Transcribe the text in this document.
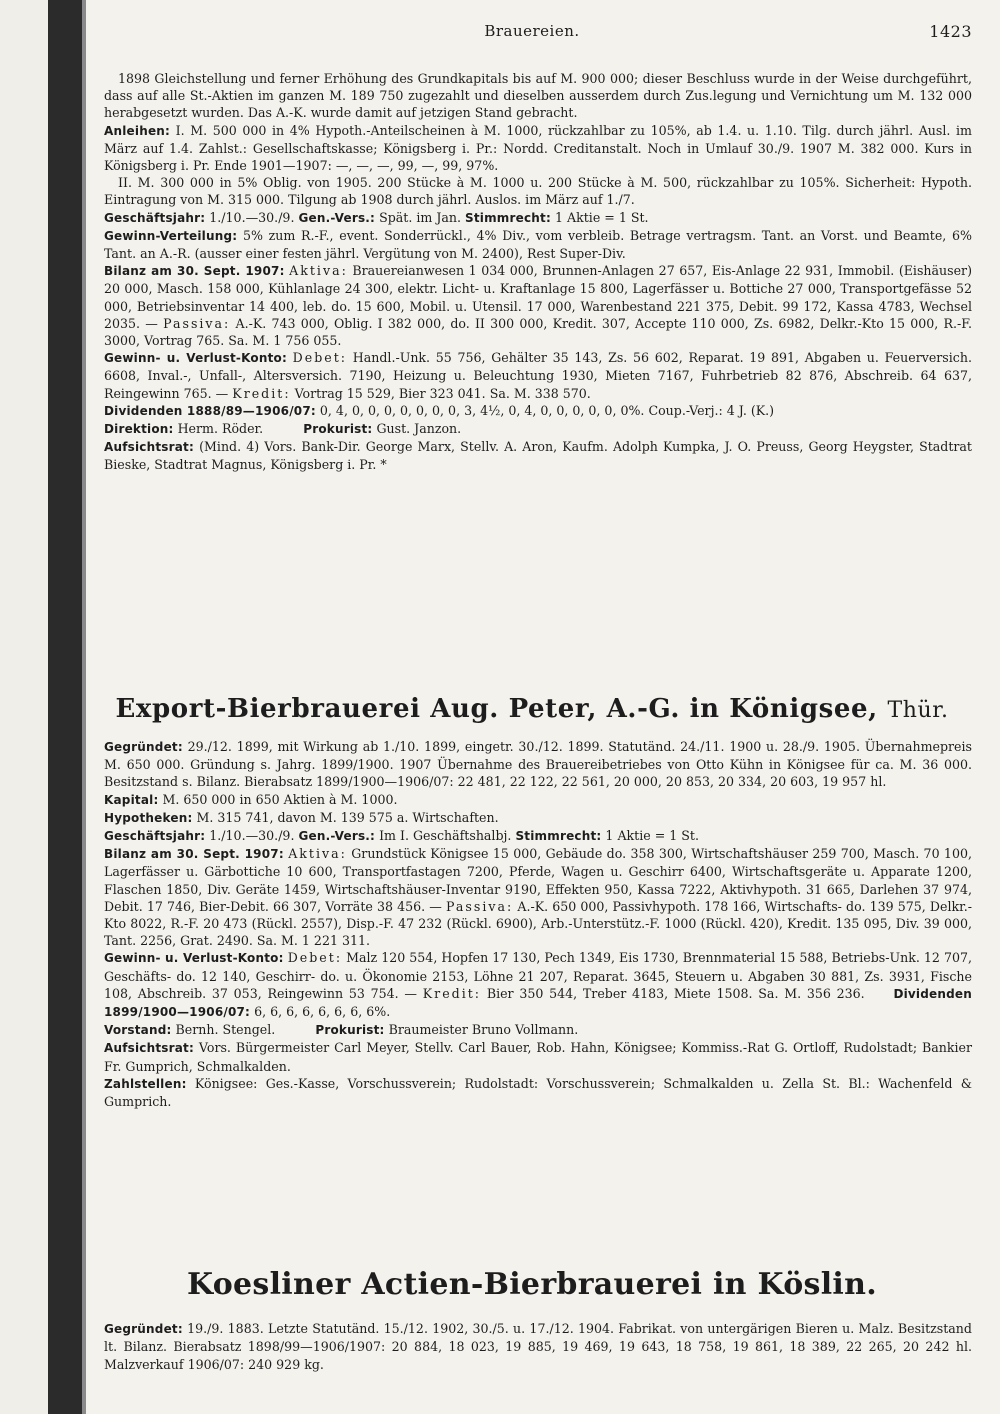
Brauereien.	1423

1898 Gleichstellung und ferner Erhöhung des Grundkapitals bis auf M. 900 000; dieser Beschluss wurde in der Weise durchgeführt, dass auf alle St.-Aktien im ganzen M. 189 750 zugezahlt und dieselben ausserdem durch Zus.legung und Vernichtung um M. 132 000 herabgesetzt wurden. Das A.-K. wurde damit auf jetzigen Stand gebracht.

Anleihen: I. M. 500 000 in 4% Hypoth.-Anteilscheinen à M. 1000, rückzahlbar zu 105%, ab 1.4. u. 1.10. Tilg. durch jährl. Ausl. im März auf 1.4. Zahlst.: Gesellschaftskasse; Königsberg i. Pr.: Nordd. Creditanstalt. Noch in Umlauf 30./9. 1907 M. 382 000. Kurs in Königsberg i. Pr. Ende 1901—1907: —, —, —, 99, —, 99, 97%.

II. M. 300 000 in 5% Oblig. von 1905. 200 Stücke à M. 1000 u. 200 Stücke à M. 500, rückzahlbar zu 105%. Sicherheit: Hypoth. Eintragung von M. 315 000. Tilgung ab 1908 durch jährl. Auslos. im März auf 1./7.

Geschäftsjahr: 1./10.—30./9. Gen.-Vers.: Spät. im Jan. Stimmrecht: 1 Aktie = 1 St.

Gewinn-Verteilung: 5% zum R.-F., event. Sonderrückl., 4% Div., vom verbleib. Betrage vertragsm. Tant. an Vorst. und Beamte, 6% Tant. an A.-R. (ausser einer festen jährl. Vergütung von M. 2400), Rest Super-Div.

Bilanz am 30. Sept. 1907: Aktiva: Brauereianwesen 1 034 000, Brunnen-Anlagen 27 657, Eis-Anlage 22 931, Immobil. (Eishäuser) 20 000, Masch. 158 000, Kühlanlage 24 300, elektr. Licht- u. Kraftanlage 15 800, Lagerfässer u. Bottiche 27 000, Transportgefässe 52 000, Betriebsinventar 14 400, leb. do. 15 600, Mobil. u. Utensil. 17 000, Warenbestand 221 375, Debit. 99 172, Kassa 4783, Wechsel 2035. — Passiva: A.-K. 743 000, Oblig. I 382 000, do. II 300 000, Kredit. 307, Accepte 110 000, Zs. 6982, Delkr.-Kto 15 000, R.-F. 3000, Vortrag 765. Sa. M. 1 756 055.

Gewinn- u. Verlust-Konto: Debet: Handl.-Unk. 55 756, Gehälter 35 143, Zs. 56 602, Reparat. 19 891, Abgaben u. Feuerversich. 6608, Inval.-, Unfall-, Altersversich. 7190, Heizung u. Beleuchtung 1930, Mieten 7167, Fuhrbetrieb 82 876, Abschreib. 64 637, Reingewinn 765. — Kredit: Vortrag 15 529, Bier 323 041. Sa. M. 338 570.

Dividenden 1888/89—1906/07: 0, 4, 0, 0, 0, 0, 0, 0, 0, 3, 4½, 0, 4, 0, 0, 0, 0, 0, 0%. Coup.-Verj.: 4 J. (K.)

Direktion: Herm. Röder.	Prokurist: Gust. Janzon.

Aufsichtsrat: (Mind. 4) Vors. Bank-Dir. George Marx, Stellv. A. Aron, Kaufm. Adolph Kumpka, J. O. Preuss, Georg Heygster, Stadtrat Bieske, Stadtrat Magnus, Königsberg i. Pr. *

Export-Bierbrauerei Aug. Peter, A.-G. in Königsee, Thür.

Gegründet: 29./12. 1899, mit Wirkung ab 1./10. 1899, eingetr. 30./12. 1899. Statutänd. 24./11. 1900 u. 28./9. 1905. Übernahmepreis M. 650 000. Gründung s. Jahrg. 1899/1900. 1907 Übernahme des Brauereibetriebes von Otto Kühn in Königsee für ca. M. 36 000. Besitzstand s. Bilanz. Bierabsatz 1899/1900—1906/07: 22 481, 22 122, 22 561, 20 000, 20 853, 20 334, 20 603, 19 957 hl.

Kapital: M. 650 000 in 650 Aktien à M. 1000.

Hypotheken: M. 315 741, davon M. 139 575 a. Wirtschaften.

Geschäftsjahr: 1./10.—30./9. Gen.-Vers.: Im I. Geschäftshalbj. Stimmrecht: 1 Aktie = 1 St.

Bilanz am 30. Sept. 1907: Aktiva: Grundstück Königsee 15 000, Gebäude do. 358 300, Wirtschaftshäuser 259 700, Masch. 70 100, Lagerfässer u. Gärbottiche 10 600, Transportfastagen 7200, Pferde, Wagen u. Geschirr 6400, Wirtschaftsgeräte u. Apparate 1200, Flaschen 1850, Div. Geräte 1459, Wirtschaftshäuser-Inventar 9190, Effekten 950, Kassa 7222, Aktivhypoth. 31 665, Darlehen 37 974, Debit. 17 746, Bier-Debit. 66 307, Vorräte 38 456. — Passiva: A.-K. 650 000, Passivhypoth. 178 166, Wirtschafts- do. 139 575, Delkr.-Kto 8022, R.-F. 20 473 (Rückl. 2557), Disp.-F. 47 232 (Rückl. 6900), Arb.-Unterstütz.-F. 1000 (Rückl. 420), Kredit. 135 095, Div. 39 000, Tant. 2256, Grat. 2490. Sa. M. 1 221 311.

Gewinn- u. Verlust-Konto: Debet: Malz 120 554, Hopfen 17 130, Pech 1349, Eis 1730, Brennmaterial 15 588, Betriebs-Unk. 12 707, Geschäfts- do. 12 140, Geschirr- do. u. Ökonomie 2153, Löhne 21 207, Reparat. 3645, Steuern u. Abgaben 30 881, Zs. 3931, Fische 108, Abschreib. 37 053, Reingewinn 53 754. — Kredit: Bier 350 544, Treber 4183, Miete 1508. Sa. M. 356 236. Dividenden 1899/1900—1906/07: 6, 6, 6, 6, 6, 6, 6, 6%.

Vorstand: Bernh. Stengel.	Prokurist: Braumeister Bruno Vollmann.

Aufsichtsrat: Vors. Bürgermeister Carl Meyer, Stellv. Carl Bauer, Rob. Hahn, Königsee; Kommiss.-Rat G. Ortloff, Rudolstadt; Bankier Fr. Gumprich, Schmalkalden.

Zahlstellen: Königsee: Ges.-Kasse, Vorschussverein; Rudolstadt: Vorschussverein; Schmalkalden u. Zella St. Bl.: Wachenfeld & Gumprich.

Koesliner Actien-Bierbrauerei in Köslin.

Gegründet: 19./9. 1883. Letzte Statutänd. 15./12. 1902, 30./5. u. 17./12. 1904. Fabrikat. von untergärigen Bieren u. Malz. Besitzstand lt. Bilanz. Bierabsatz 1898/99—1906/1907: 20 884, 18 023, 19 885, 19 469, 19 643, 18 758, 19 861, 18 389, 22 265, 20 242 hl. Malzverkauf 1906/07: 240 929 kg.
